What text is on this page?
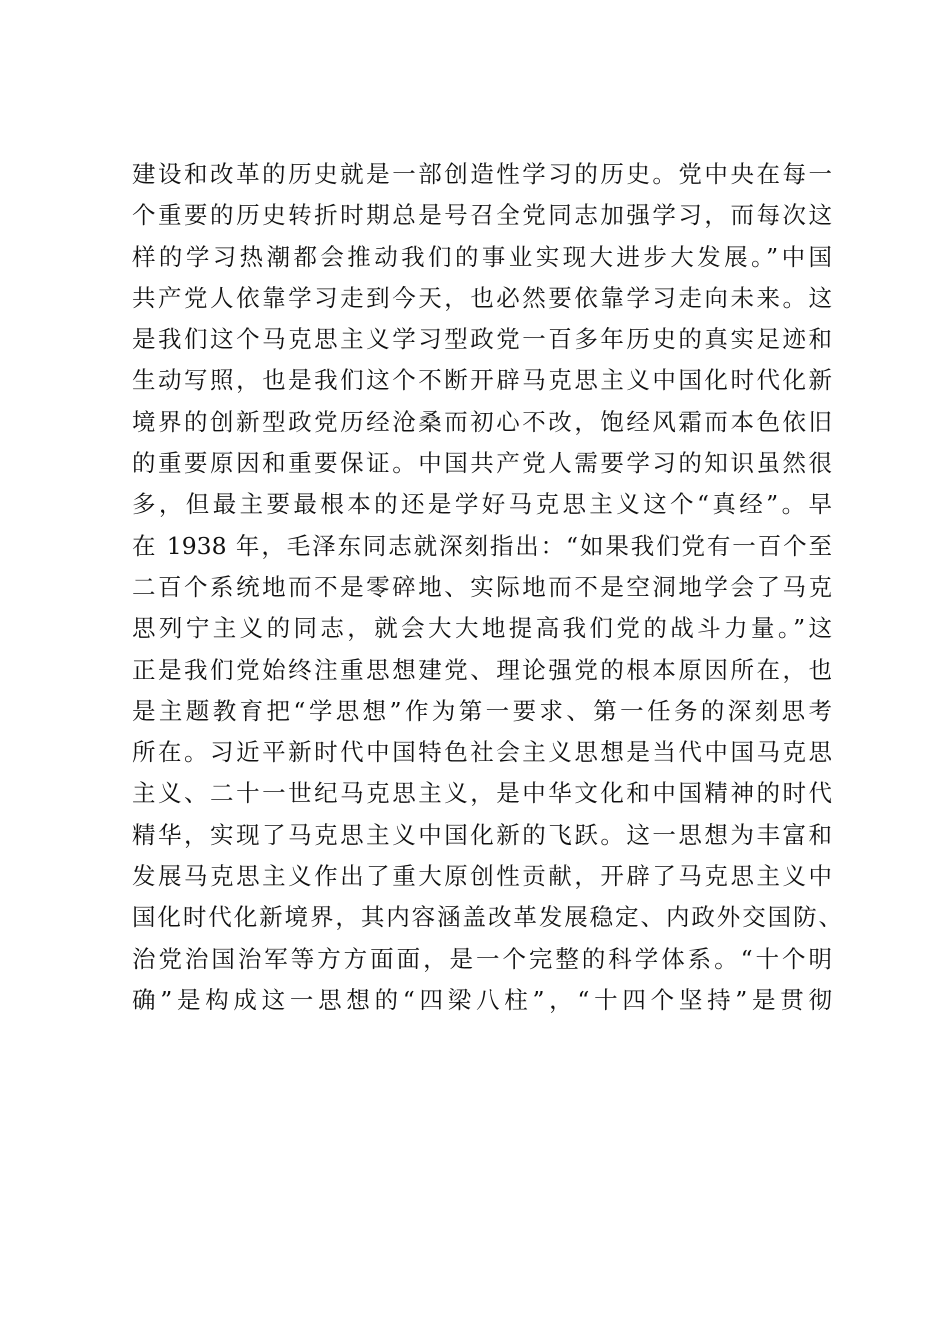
建设和改革的历史就是一部创造性学习的历史。党中央在每一
个重要的历史转折时期总是号召全党同志加强学习，而每次这
样的学习热潮都会推动我们的事业实现大进步大发展。”中国
共产党人依靠学习走到今天，也必然要依靠学习走向未来。这
是我们这个马克思主义学习型政党一百多年历史的真实足迹和
生动写照，也是我们这个不断开辟马克思主义中国化时代化新
境界的创新型政党历经沧桑而初心不改，饱经风霜而本色依旧
的重要原因和重要保证。中国共产党人需要学习的知识虽然很
多，但最主要最根本的还是学好马克思主义这个“真经”。早
在 1938 年，毛泽东同志就深刻指出：“如果我们党有一百个至
二百个系统地而不是零碎地、实际地而不是空洞地学会了马克
思列宁主义的同志，就会大大地提高我们党的战斗力量。”这
正是我们党始终注重思想建党、理论强党的根本原因所在，也
是主题教育把“学思想”作为第一要求、第一任务的深刻思考
所在。习近平新时代中国特色社会主义思想是当代中国马克思
主义、二十一世纪马克思主义，是中华文化和中国精神的时代
精华，实现了马克思主义中国化新的飞跃。这一思想为丰富和
发展马克思主义作出了重大原创性贡献，开辟了马克思主义中
国化时代化新境界，其内容涵盖改革发展稳定、内政外交国防、
治党治国治军等方方面面，是一个完整的科学体系。“十个明
确”是构成这一思想的“四梁八柱”，“十四个坚持”是贯彻
